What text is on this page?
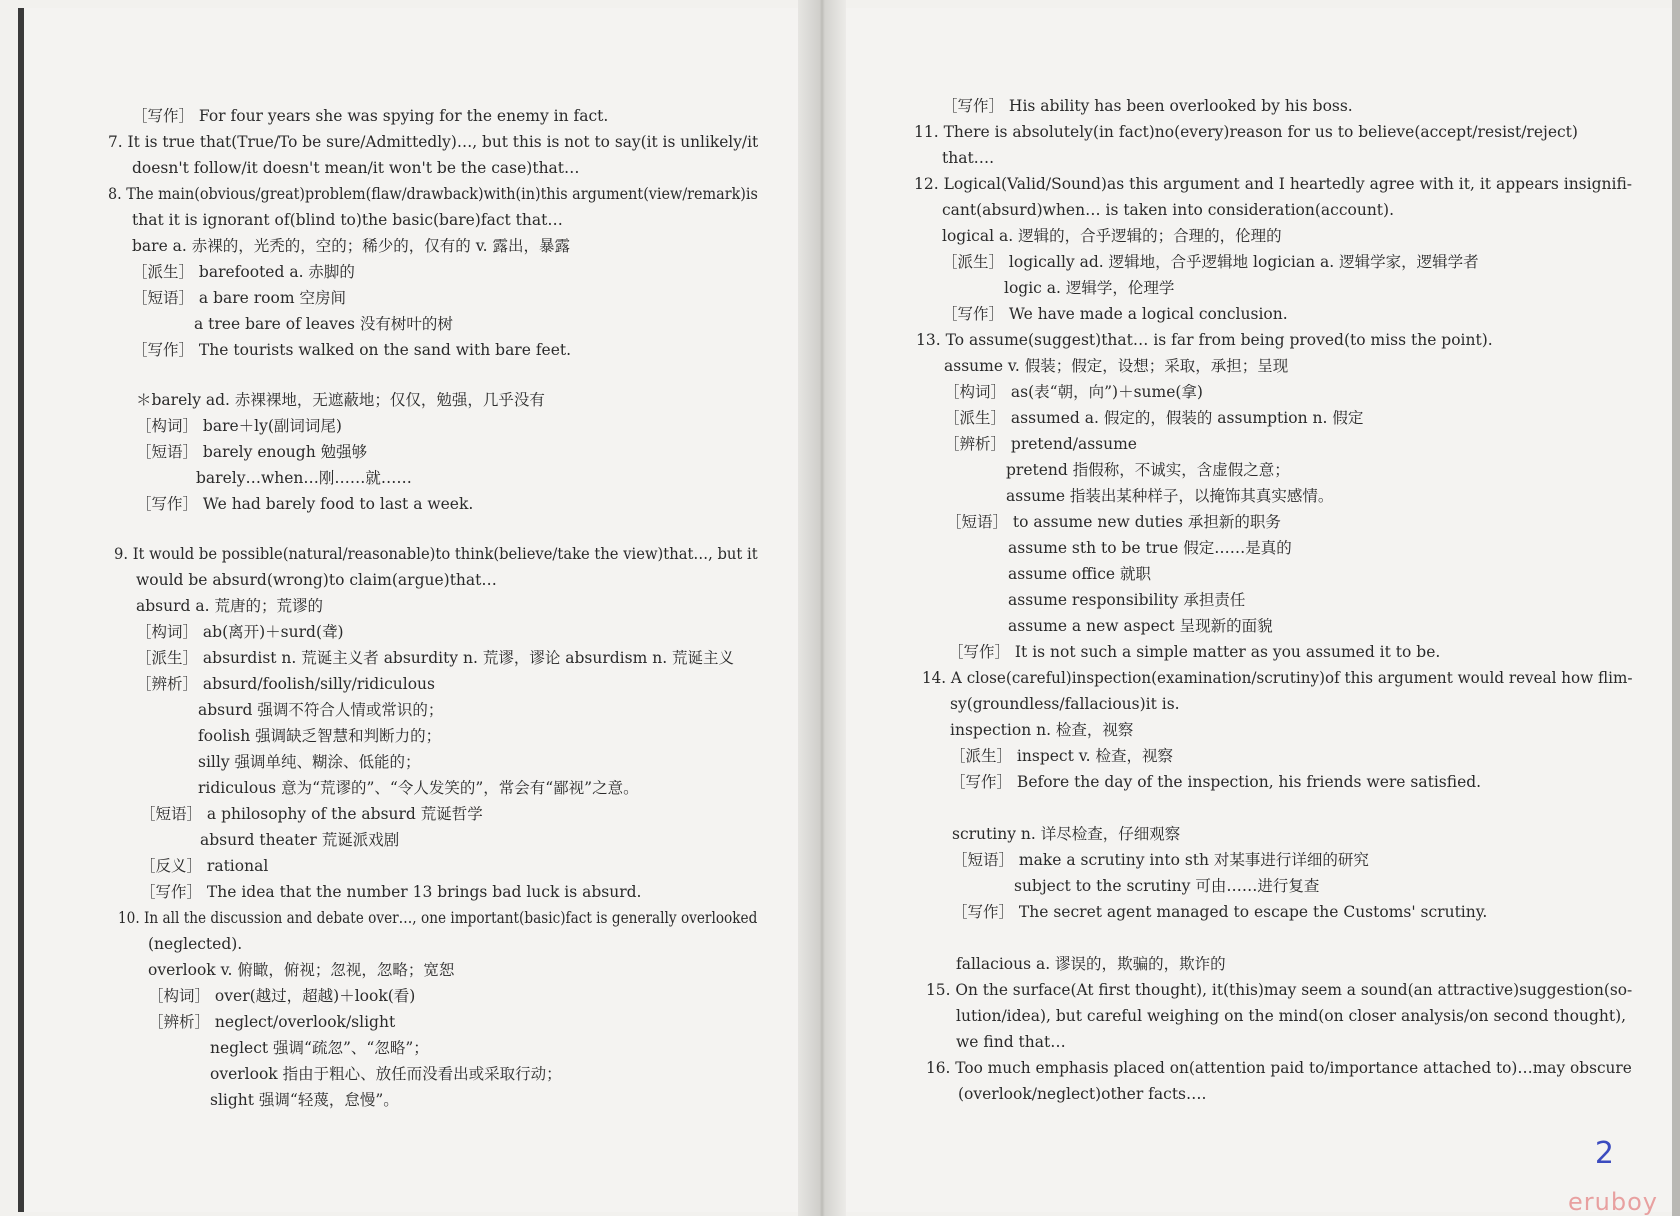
［写作］ For four years she was spying for the enemy in fact.
7. It is true that(True/To be sure/Admittedly)…, but this is not to say(it is unlikely/it
doesn't follow/it doesn't mean/it won't be the case)that…
8. The main(obvious/great)problem(flaw/drawback)with(in)this argument(view/remark)is
that it is ignorant of(blind to)the basic(bare)fact that…
bare a. 赤裸的，光秃的，空的；稀少的，仅有的 v. 露出，暴露
［派生］ barefooted a. 赤脚的
［短语］ a bare room 空房间
a tree bare of leaves 没有树叶的树
［写作］ The tourists walked on the sand with bare feet.
＊barely ad. 赤裸裸地，无遮蔽地；仅仅，勉强，几乎没有
［构词］ bare＋ly(副词词尾)
［短语］ barely enough 勉强够
barely…when…刚……就……
［写作］ We had barely food to last a week.
9. It would be possible(natural/reasonable)to think(believe/take the view)that…, but it
would be absurd(wrong)to claim(argue)that…
absurd a. 荒唐的；荒谬的
［构词］ ab(离开)＋surd(聋)
［派生］ absurdist n. 荒诞主义者 absurdity n. 荒谬，谬论 absurdism n. 荒诞主义
［辨析］ absurd/foolish/silly/ridiculous
absurd 强调不符合人情或常识的；
foolish 强调缺乏智慧和判断力的；
silly 强调单纯、糊涂、低能的；
ridiculous 意为“荒谬的”、“令人发笑的”，常会有“鄙视”之意。
［短语］ a philosophy of the absurd 荒诞哲学
absurd theater 荒诞派戏剧
［反义］ rational
［写作］ The idea that the number 13 brings bad luck is absurd.
10. In all the discussion and debate over…, one important(basic)fact is generally overlooked
(neglected).
overlook v. 俯瞰，俯视；忽视，忽略；宽恕
［构词］ over(越过，超越)＋look(看)
［辨析］ neglect/overlook/slight
neglect 强调“疏忽”、“忽略”；
overlook 指由于粗心、放任而没看出或采取行动；
slight 强调“轻蔑，怠慢”。
［写作］ His ability has been overlooked by his boss.
11. There is absolutely(in fact)no(every)reason for us to believe(accept/resist/reject)
that….
12. Logical(Valid/Sound)as this argument and I heartedly agree with it, it appears insignifi-
cant(absurd)when… is taken into consideration(account).
logical a. 逻辑的，合乎逻辑的；合理的，伦理的
［派生］ logically ad. 逻辑地，合乎逻辑地 logician a. 逻辑学家，逻辑学者
logic a. 逻辑学，伦理学
［写作］ We have made a logical conclusion.
13. To assume(suggest)that… is far from being proved(to miss the point).
assume v. 假装；假定，设想；采取，承担；呈现
［构词］ as(表“朝，向”)＋sume(拿)
［派生］ assumed a. 假定的，假装的 assumption n. 假定
［辨析］ pretend/assume
pretend 指假称，不诚实，含虚假之意；
assume 指装出某种样子，以掩饰其真实感情。
［短语］ to assume new duties 承担新的职务
assume sth to be true 假定……是真的
assume office 就职
assume responsibility 承担责任
assume a new aspect 呈现新的面貌
［写作］ It is not such a simple matter as you assumed it to be.
14. A close(careful)inspection(examination/scrutiny)of this argument would reveal how flim-
sy(groundless/fallacious)it is.
inspection n. 检查，视察
［派生］ inspect v. 检查，视察
［写作］ Before the day of the inspection, his friends were satisfied.
scrutiny n. 详尽检查，仔细观察
［短语］ make a scrutiny into sth 对某事进行详细的研究
subject to the scrutiny 可由……进行复查
［写作］ The secret agent managed to escape the Customs' scrutiny.
fallacious a. 谬误的，欺骗的，欺诈的
15. On the surface(At first thought), it(this)may seem a sound(an attractive)suggestion(so-
lution/idea), but careful weighing on the mind(on closer analysis/on second thought),
we find that…
16. Too much emphasis placed on(attention paid to/importance attached to)…may obscure
(overlook/neglect)other facts….
2
eruboy
